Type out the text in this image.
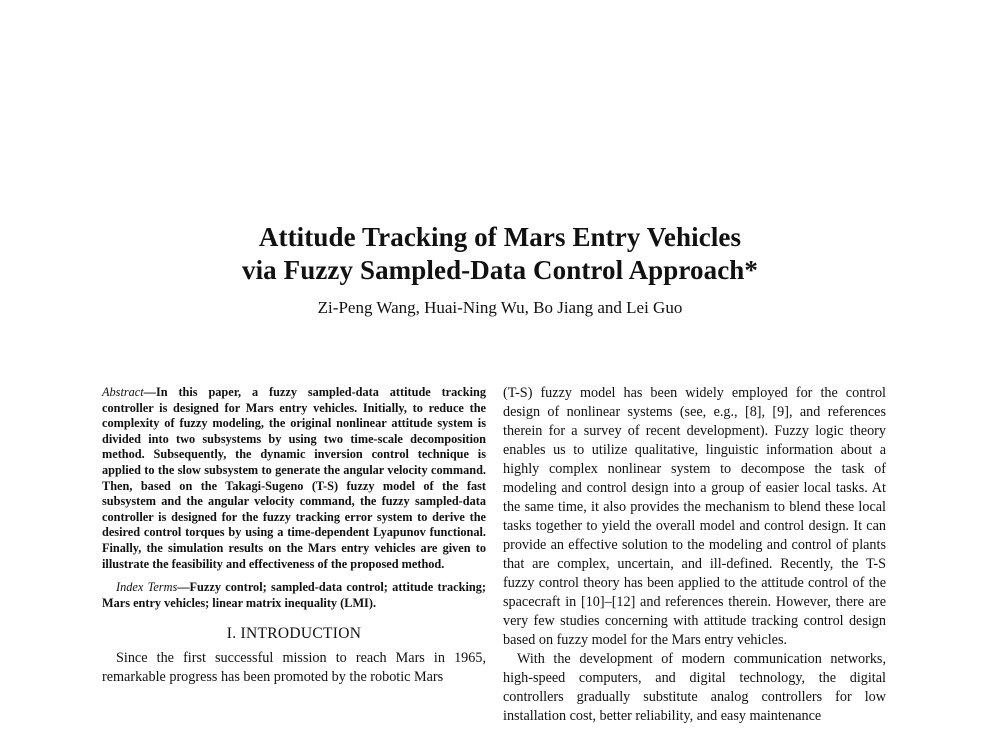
Attitude Tracking of Mars Entry Vehicles
via Fuzzy Sampled-Data Control Approach*
Zi-Peng Wang, Huai-Ning Wu, Bo Jiang and Lei Guo

Abstract—In this paper, a fuzzy sampled-data attitude tracking controller is designed for Mars entry vehicles. Initially, to reduce the complexity of fuzzy modeling, the original nonlinear attitude system is divided into two subsystems by using two time-scale decomposition method. Subsequently, the dynamic inversion control technique is applied to the slow subsystem to generate the angular velocity command. Then, based on the Takagi-Sugeno (T-S) fuzzy model of the fast subsystem and the angular velocity command, the fuzzy sampled-data controller is designed for the fuzzy tracking error system to derive the desired control torques by using a time-dependent Lyapunov functional. Finally, the simulation results on the Mars entry vehicles are given to illustrate the feasibility and effectiveness of the proposed method.

Index Terms—Fuzzy control; sampled-data control; attitude tracking; Mars entry vehicles; linear matrix inequality (LMI).

I. INTRODUCTION

Since the first successful mission to reach Mars in 1965, remarkable progress has been promoted by the robotic Mars

(T-S) fuzzy model has been widely employed for the control design of nonlinear systems (see, e.g., [8], [9], and references therein for a survey of recent development). Fuzzy logic theory enables us to utilize qualitative, linguistic information about a highly complex nonlinear system to decompose the task of modeling and control design into a group of easier local tasks. At the same time, it also provides the mechanism to blend these local tasks together to yield the overall model and control design. It can provide an effective solution to the modeling and control of plants that are complex, uncertain, and ill-defined. Recently, the T-S fuzzy control theory has been applied to the attitude control of the spacecraft in [10]–[12] and references therein. However, there are very few studies concerning with attitude tracking control design based on fuzzy model for the Mars entry vehicles.

With the development of modern communication networks, high-speed computers, and digital technology, the digital controllers gradually substitute analog controllers for low installation cost, better reliability, and easy maintenance
